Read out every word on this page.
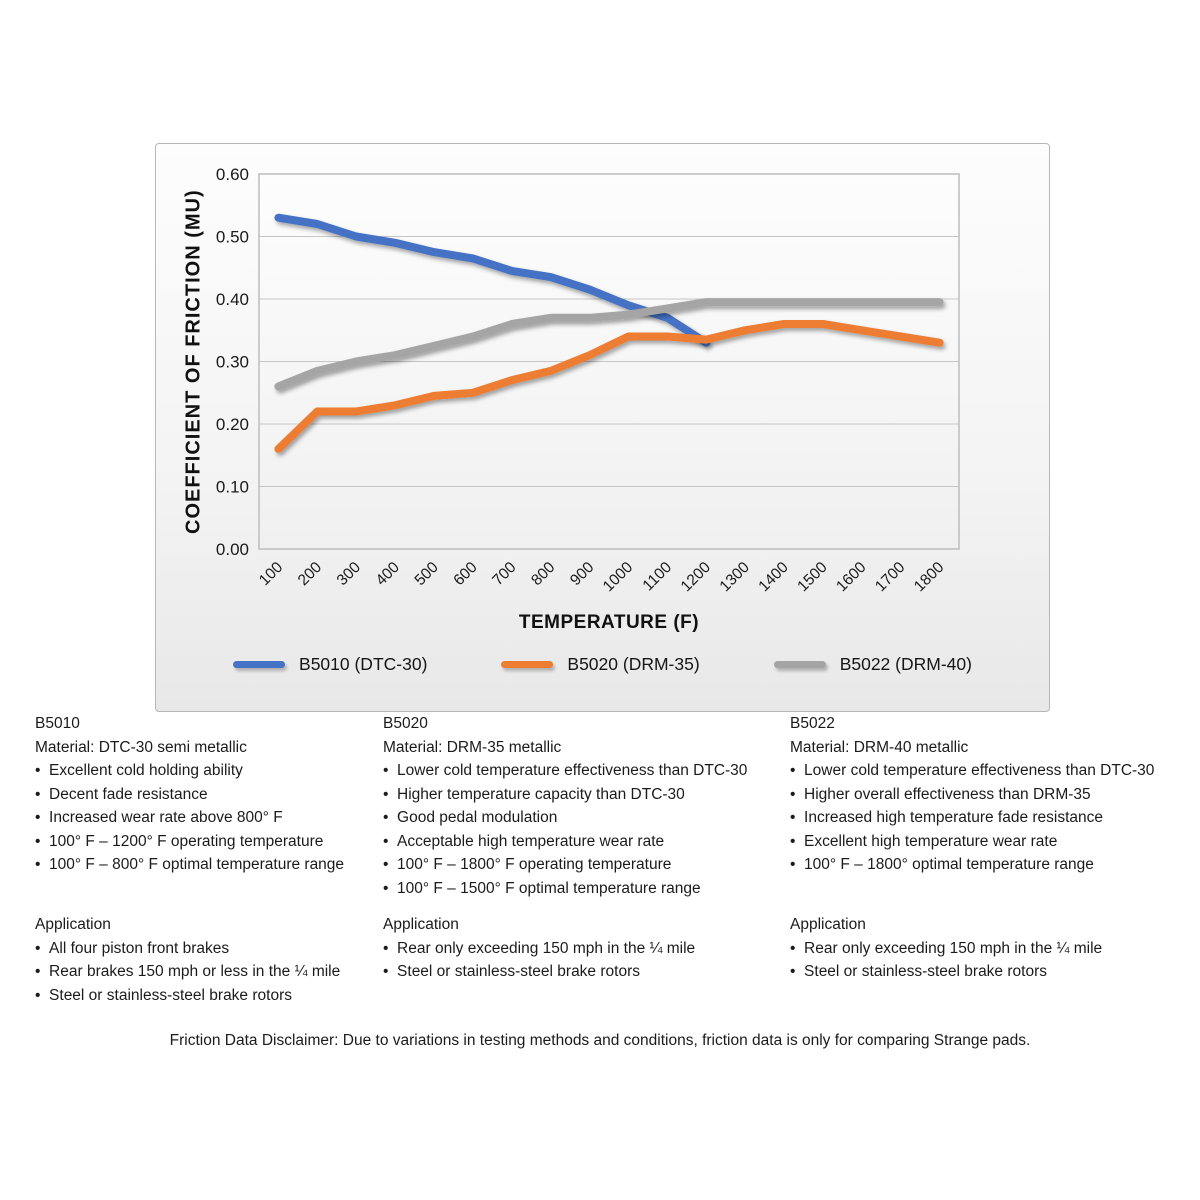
COEFFICIENT OF FRICTION (MU)
0.00
0.10
0.20
0.30
0.40
0.50
0.60
100 200 300 400 500 600 700 800 900 1000 1100 1200 1300 1400 1500 1600 1700 1800
TEMPERATURE (F)
B5010 (DTC-30)	B5020 (DRM-35)	B5022 (DRM-40)
B5010
Material: DTC-30 semi metallic
•  Excellent cold holding ability
•  Decent fade resistance
•  Increased wear rate above 800° F
•  100° F – 1200° F operating temperature
•  100° F – 800° F optimal temperature range
B5020
Material: DRM-35 metallic
•  Lower cold temperature effectiveness than DTC-30
•  Higher temperature capacity than DTC-30
•  Good pedal modulation
•  Acceptable high temperature wear rate
•  100° F – 1800° F operating temperature
•  100° F – 1500° F optimal temperature range
B5022
Material: DRM-40 metallic
•  Lower cold temperature effectiveness than DTC-30
•  Higher overall effectiveness than DRM-35
•  Increased high temperature fade resistance
•  Excellent high temperature wear rate
•  100° F – 1800° optimal temperature range
Application
•  All four piston front brakes
•  Rear brakes 150 mph or less in the ¼ mile
•  Steel or stainless-steel brake rotors
Application
•  Rear only exceeding 150 mph in the ¼ mile
•  Steel or stainless-steel brake rotors
Application
•  Rear only exceeding 150 mph in the ¼ mile
•  Steel or stainless-steel brake rotors
Friction Data Disclaimer: Due to variations in testing methods and conditions, friction data is only for comparing Strange pads.
